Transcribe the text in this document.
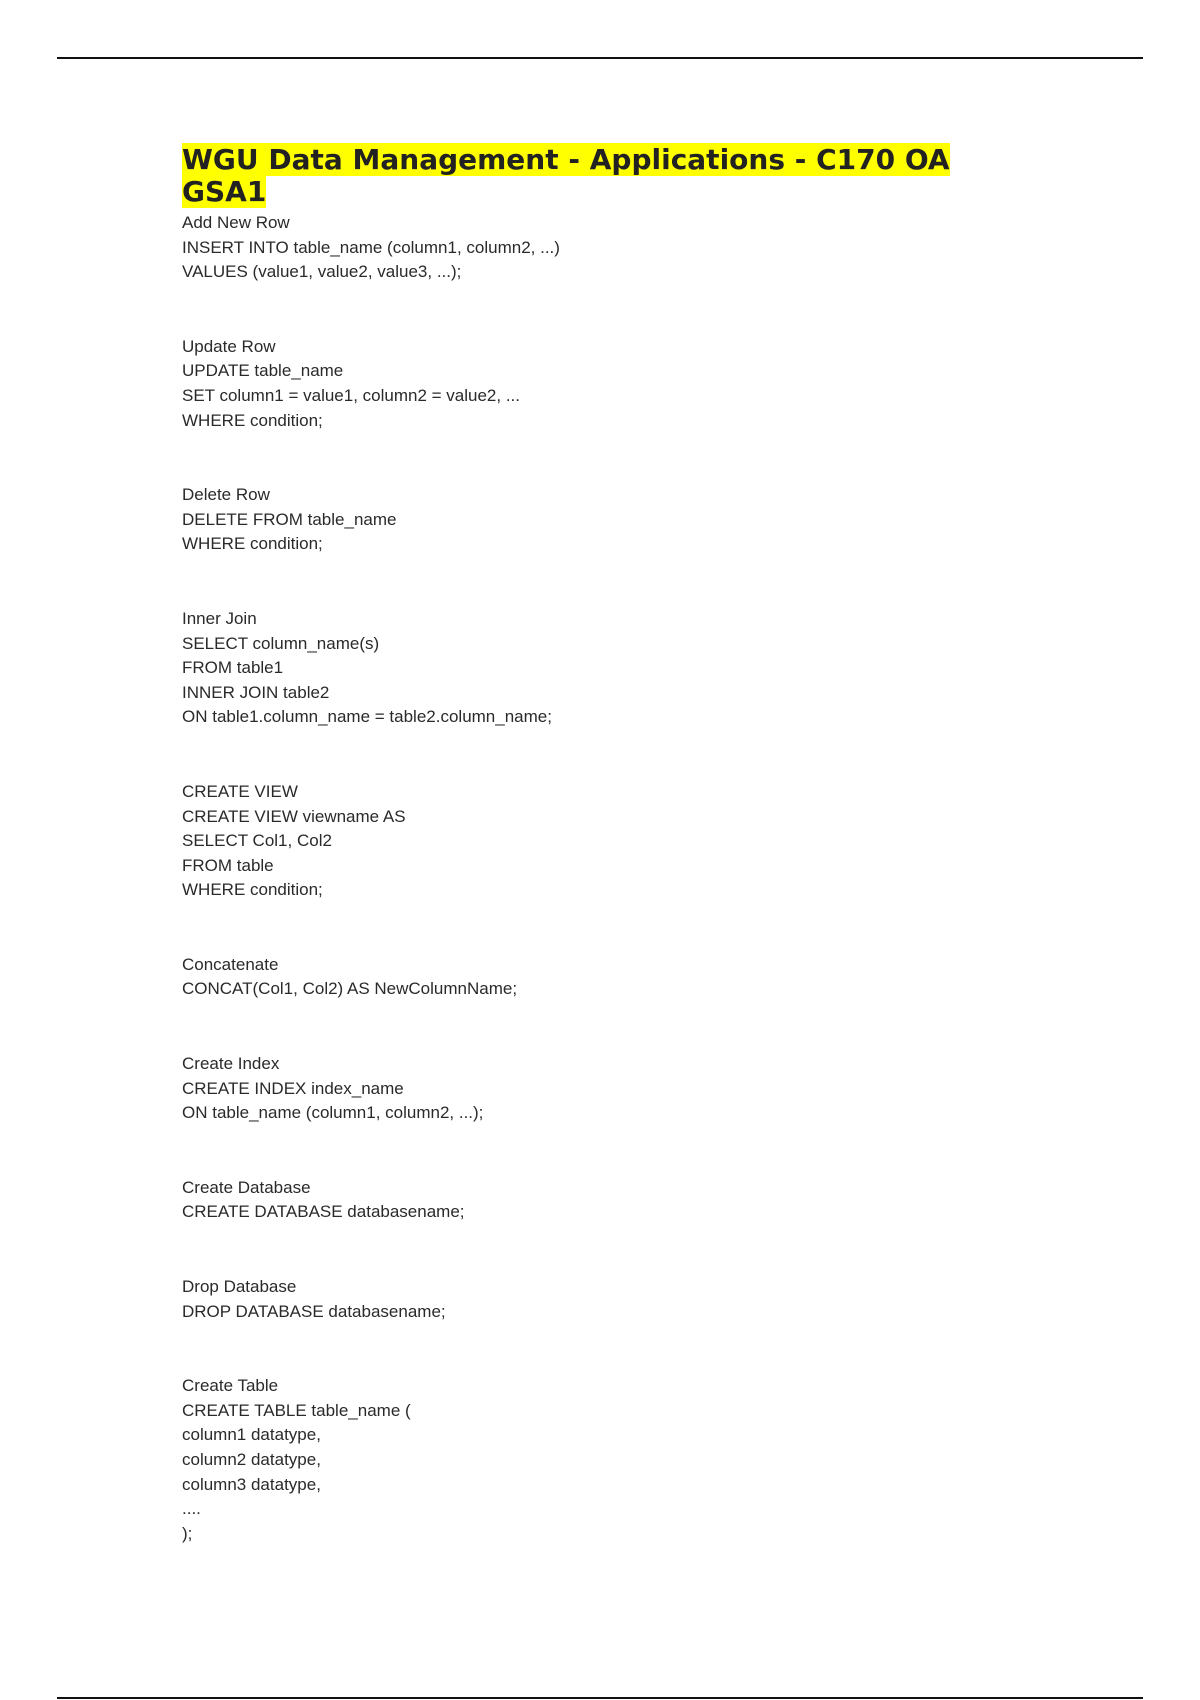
WGU Data Management - Applications - C170 OA GSA1
Add New Row
INSERT INTO table_name (column1, column2, ...)
VALUES (value1, value2, value3, ...);
Update Row
UPDATE table_name
SET column1 = value1, column2 = value2, ...
WHERE condition;
Delete Row
DELETE FROM table_name
WHERE condition;
Inner Join
SELECT column_name(s)
FROM table1
INNER JOIN table2
ON table1.column_name = table2.column_name;
CREATE VIEW
CREATE VIEW viewname AS
SELECT Col1, Col2
FROM table
WHERE condition;
Concatenate
CONCAT(Col1, Col2) AS NewColumnName;
Create Index
CREATE INDEX index_name
ON table_name (column1, column2, ...);
Create Database
CREATE DATABASE databasename;
Drop Database
DROP DATABASE databasename;
Create Table
CREATE TABLE table_name (
column1 datatype,
column2 datatype,
column3 datatype,
....
);
